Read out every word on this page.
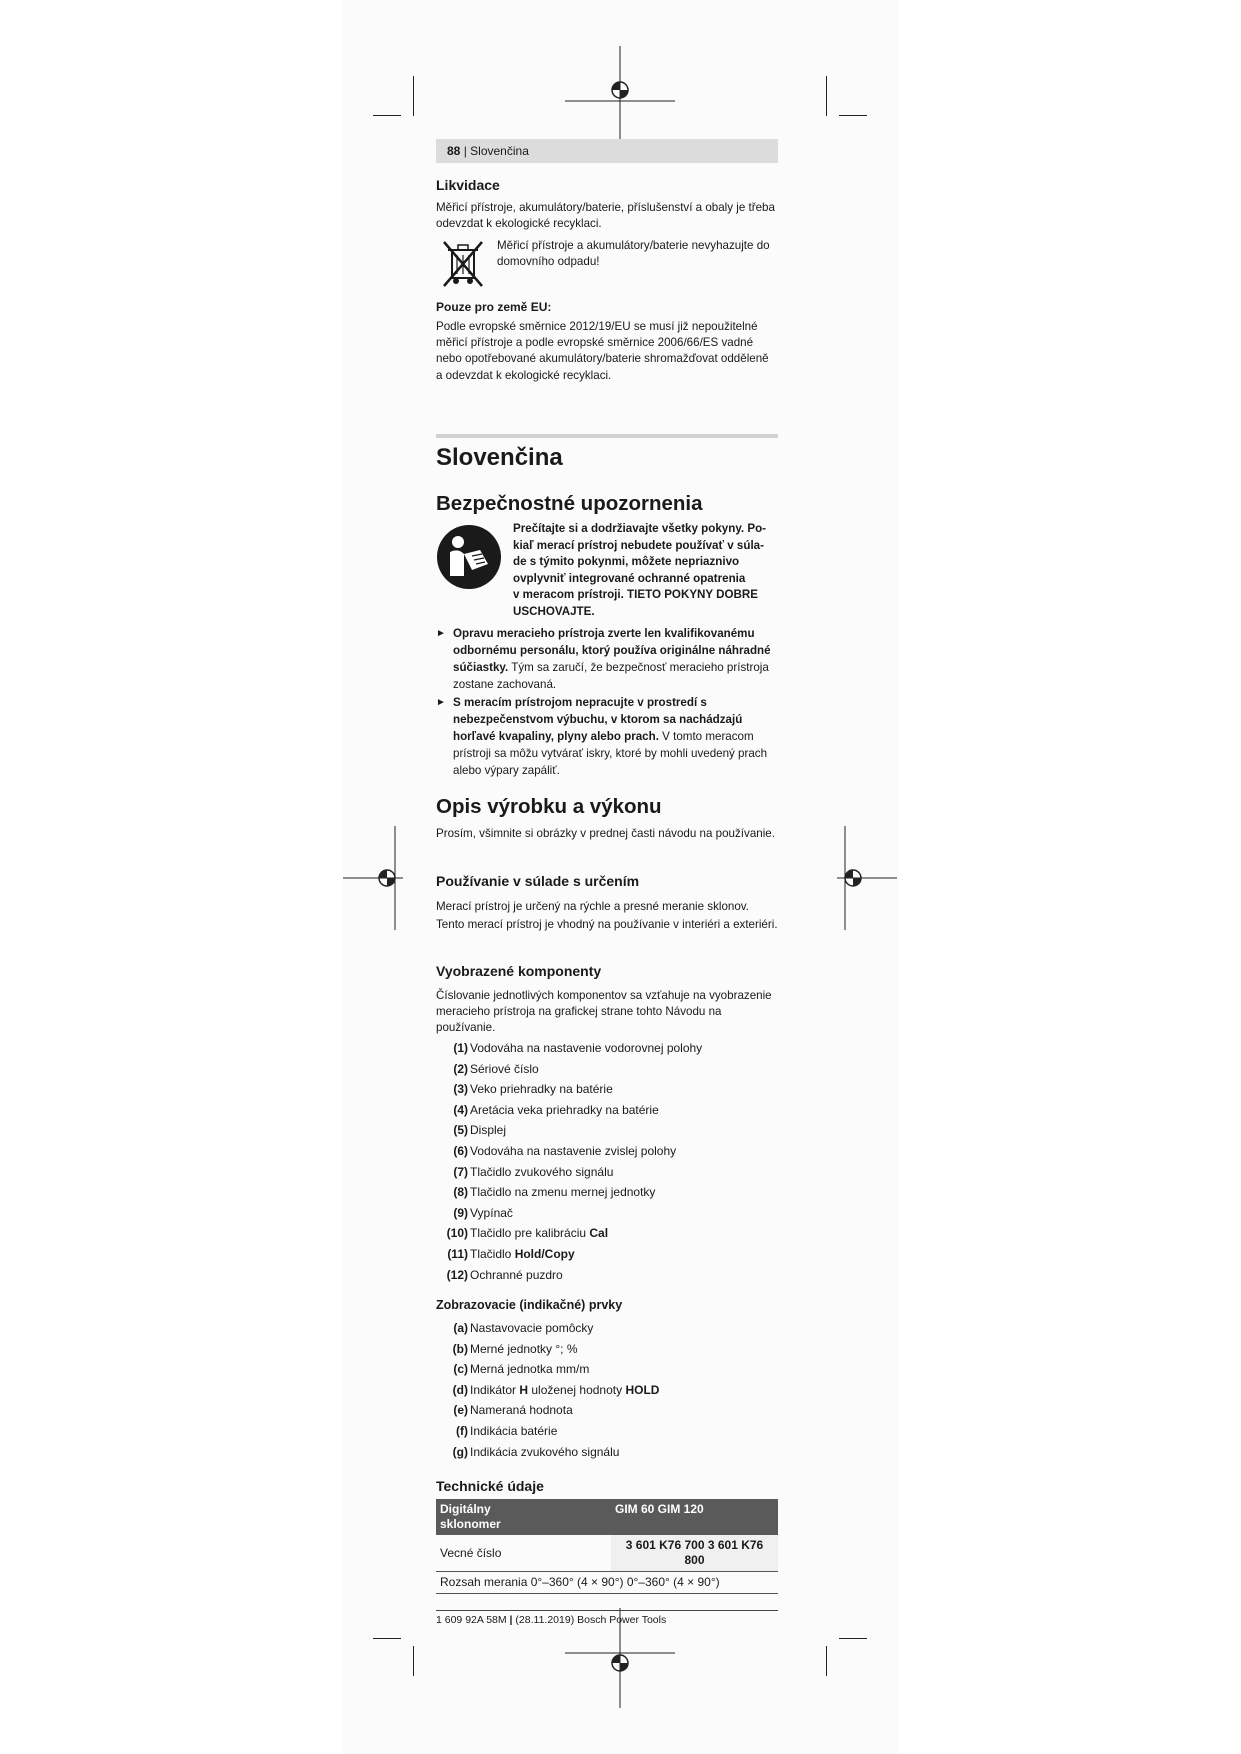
88 | Slovenčina
Likvidace

Měřicí přístroje, akumulátory/baterie, příslušenství a obaly je třeba odevzdat k ekologické recyklaci.

Měřicí přístroje a akumulátory/baterie nevyhazujte do domovního odpadu!

Pouze pro země EU:

Podle evropské směrnice 2012/19/EU se musí již nepoužitelné měřicí přístroje a podle evropské směrnice 2006/66/ES vadné nebo opotřebované akumulátory/baterie shromažďovat odděleně a odevzdat k ekologické recyklaci.

Slovenčina
Bezpečnostné upozornenia
Prečítajte si a dodržiavajte všetky pokyny. Po-
kiaľ merací prístroj nebudete používať v súla-
de s týmito pokynmi, môžete nepriaznivo
ovplyvniť integrované ochranné opatrenia
v meracom prístroji. TIETO POKYNY DOBRE
USCHOVAJTE.
► Opravu meracieho prístroja zverte len kvalifikovanému odbornému personálu, ktorý používa originálne náhradné súčiastky. Tým sa zaručí, že bezpečnosť meracieho prístroja zostane zachovaná.
► S meracím prístrojom nepracujte v prostredí s nebezpečenstvom výbuchu, v ktorom sa nachádzajú horľavé kvapaliny, plyny alebo prach. V tomto meracom prístroji sa môžu vytvárať iskry, ktoré by mohli uvedený prach alebo výpary zapáliť.
Opis výrobku a výkonu

Prosím, všimnite si obrázky v prednej časti návodu na používanie.

Používanie v súlade s určením

Merací prístroj je určený na rýchle a presné meranie sklonov.

Tento merací prístroj je vhodný na používanie v interiéri a exteriéri.

Vyobrazené komponenty

Číslovanie jednotlivých komponentov sa vzťahuje na vyobrazenie meracieho prístroja na grafickej strane tohto Návodu na používanie.

(1) Vodováha na nastavenie vodorovnej polohy
(2) Sériové číslo
(3) Veko priehradky na batérie
(4) Aretácia veka priehradky na batérie
(5) Displej
(6) Vodováha na nastavenie zvislej polohy
(7) Tlačidlo zvukového signálu
(8) Tlačidlo na zmenu mernej jednotky
(9) Vypínač
(10) Tlačidlo pre kalibráciu Cal
(11) Tlačidlo Hold/Copy
(12) Ochranné puzdro
Zobrazovacie (indikačné) prvky
(a) Nastavovacie pomôcky
(b) Merné jednotky °; %
(c) Merná jednotka mm/m
(d) Indikátor H uloženej hodnoty HOLD
(e) Nameraná hodnota
(f) Indikácia batérie
(g) Indikácia zvukového signálu
Technické údaje
Digitálny
sklonomer	GIM 60 GIM 120
Vecné číslo	3 601 K76 700 3 601 K76 800
Rozsah merania 0°–360° (4 × 90°) 0°–360° (4 × 90°)	
1 609 92A 58M | (28.11.2019) Bosch Power Tools
